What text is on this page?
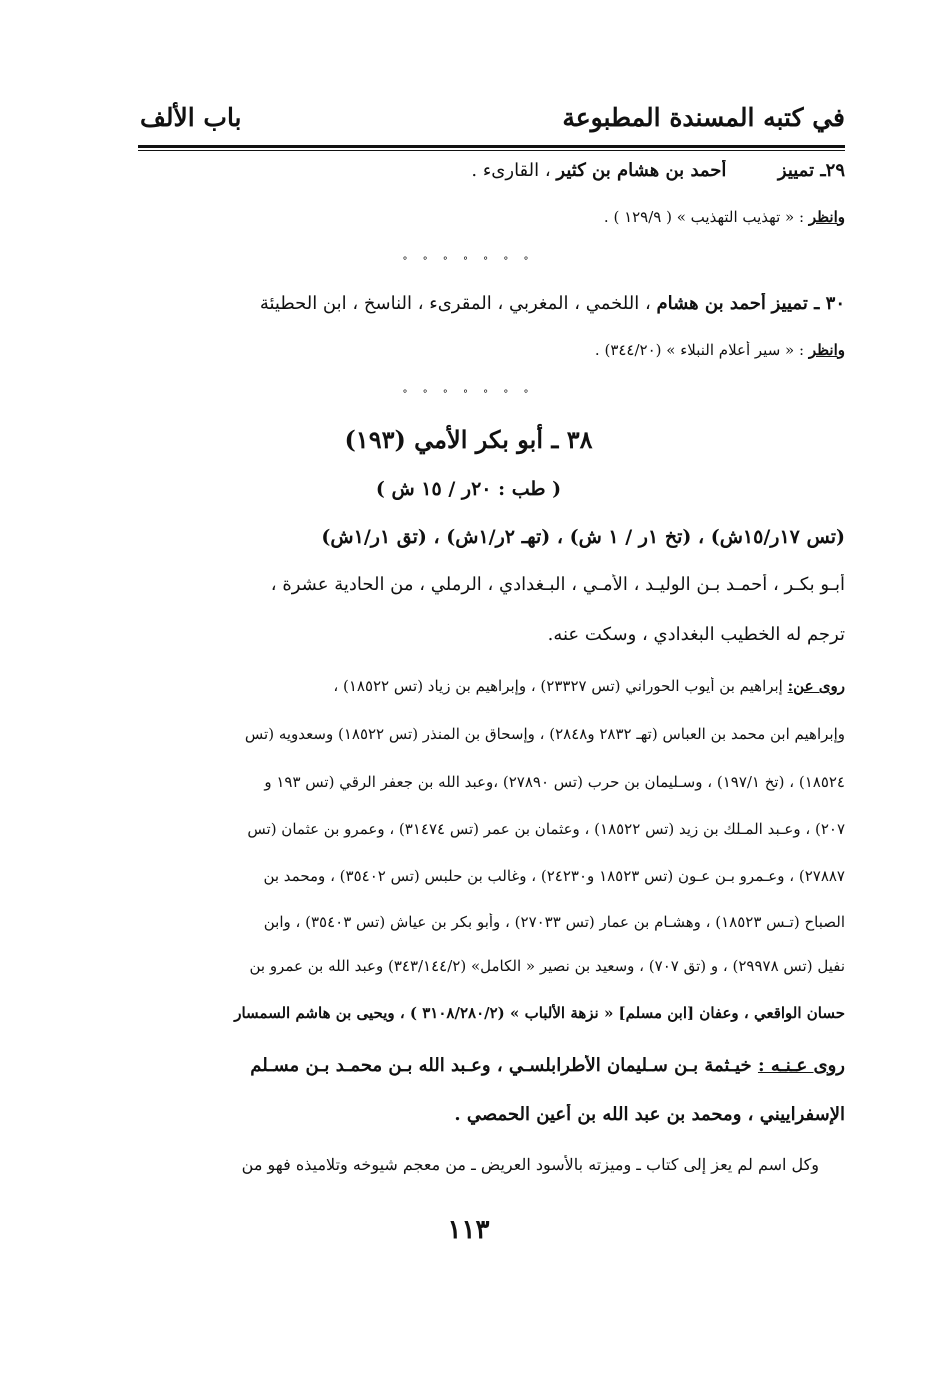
في كتبه المسندة المطبوعة
باب الألف
٢٩ـ تمييز  أحمد بن هشام بن كثير ، القارىء .
وانظر : « تهذيب التهذيب » ( ١٢٩/٩ ) .
° ° ° ° ° ° °
٣٠ ـ تمييز أحمد بن هشام ، اللخمي ، المغربي ، المقرىء ، الناسخ ، ابن الحطيئة
وانظر : « سير أعلام النبلاء » (٣٤٤/٢٠) .
° ° ° ° ° ° °
٣٨ ـ أبو بكر الأمي (١٩٣)
( طب : ٢٠ر / ١٥ ش )
(تس ١٧ر/١٥ش) ، (تخ ١ر / ١ ش) ، (تهـ ٢ر/١ش) ، (تق ١ر/١ش)
أبـو بكـر ، أحمـد بـن الوليـد ، الأمـي ، البـغدادي ، الرملي ، من الحادية عشرة ،
ترجم له الخطيب البغدادي ، وسكت عنه.
روى عن: إبراهيم بن أيوب الحوراني (تس ٢٣٣٢٧) ، وإبراهيم بن زياد (تس ١٨٥٢٢) ،
وإبراهيم ابن محمد بن العباس (تهـ ٢٨٣٢ و٢٨٤٨) ، وإسحاق بن المنذر (تس ١٨٥٢٢) وسعدويه (تس
١٨٥٢٤) ، (تخ ١٩٧/١) ، وسـليمان بن حرب (تس ٢٧٨٩٠) ،وعبد الله بن جعفر الرقي (تس ١٩٣ و
٢٠٧) ، وعـبد المـلك بن زيد (تس ١٨٥٢٢) ، وعثمان بن عمر (تس ٣١٤٧٤) ، وعمرو بن عثمان (تس
٢٧٨٨٧) ، وعـمرو بـن عـون (تس ١٨٥٢٣ و٢٤٢٣٠) ، وغالب بن حلبس (تس ٣٥٤٠٢) ، ومحمد بن
الصباح (تـس ١٨٥٢٣) ، وهشـام بن عمار (تس ٢٧٠٣٣) ، وأبو بكر بن عياش (تس ٣٥٤٠٣) ، وابن
نفيل (تس ٢٩٩٧٨) ، و (تق ٧٠٧) ، وسعيد بن نصير « الكامل» (٣٤٣/١٤٤/٢) وعبد الله بن عمرو بن
حسان الواقعي ، وعفان [ابن مسلم] « نزهة الألباب » (٣١٠٨/٢٨٠/٢ ) ، ويحيى بن هاشم السمسار
روى عـنـه : خيـثمة بـن سـليمان الأطرابلسـي ، وعـبد الله بـن محمـد بـن مسـلم
الإسفراييني ، ومحمد بن عبد الله بن أعين الحمصي .
وكل اسم لم يعز إلى كتاب ـ وميزته بالأسود العريض ـ من معجم شيوخه وتلاميذه فهو من
١١٣
